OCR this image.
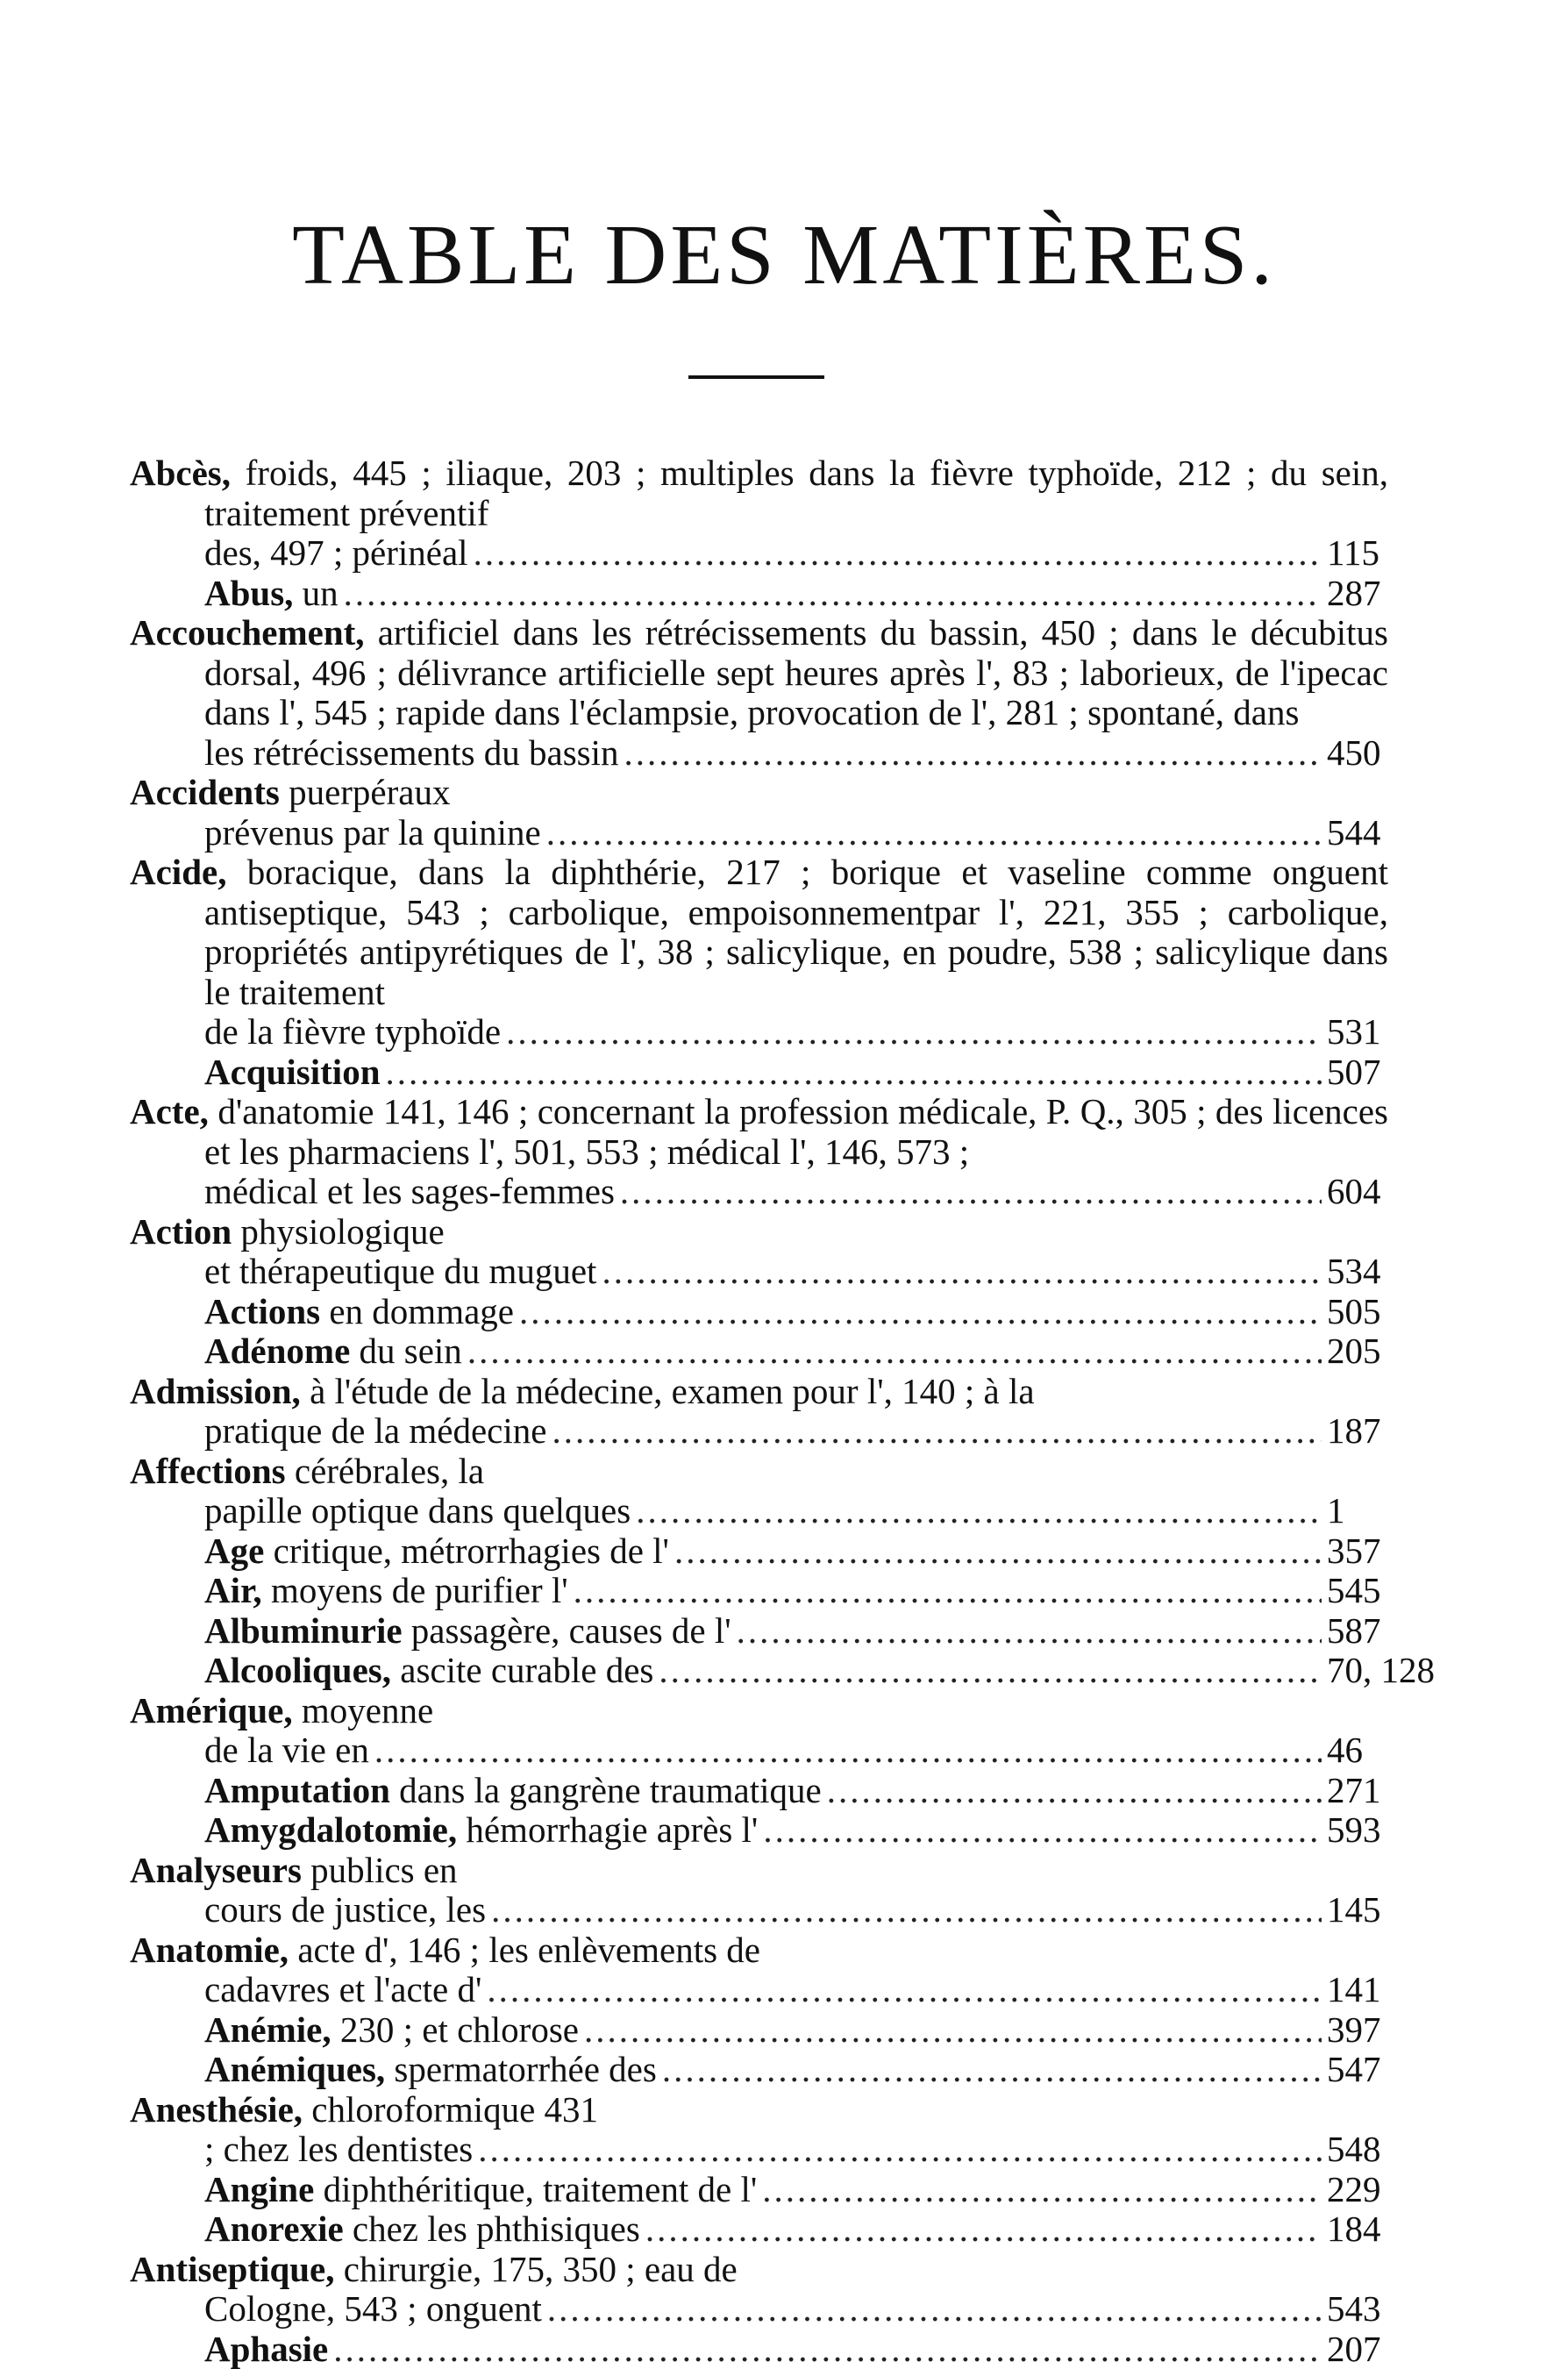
TABLE DES MATIÈRES.
Abcès, froids, 445 ; iliaque, 203 ; multiples dans la fièvre typhoïde, 212 ; du sein, traitement préventif
des, 497 ; périnéal .....	115
Abus, un .....	287
Accouchement, artificiel dans les rétrécissements du bassin, 450 ; dans le décubitus dorsal, 496 ; délivrance artificielle sept heures après l', 83 ; laborieux, de l'ipecac dans l', 545 ; rapide dans l'éclampsie, provocation de l', 281 ; spontané, dans
les rétrécissements du bassin .....	450
Accidents puerpéraux
prévenus par la quinine .....	544
Acide, boracique, dans la diphthérie, 217 ; borique et vaseline comme onguent antiseptique, 543 ; carbolique, empoisonnementpar l', 221, 355 ; carbolique, propriétés antipyrétiques de l', 38 ; salicylique, en poudre, 538 ; salicylique dans le traitement
de la fièvre typhoïde .....	531
Acquisition .....	507
Acte, d'anatomie 141, 146 ; concernant la profession médicale, P. Q., 305 ; des licences et les pharmaciens l', 501, 553 ; médical l', 146, 573 ;
médical et les sages-femmes .....	604
Action physiologique
et thérapeutique du muguet .....	534
Actions en dommage .....	505
Adénome du sein .....	205
Admission, à l'étude de la médecine, examen pour l', 140 ; à la
pratique de la médecine .....	187
Affections cérébrales, la
papille optique dans quelques .....	1
Age critique, métrorrhagies de l' .....	357
Air, moyens de purifier l' .....	545
Albuminurie passagère, causes de l' .....	587
Alcooliques, ascite curable des .....	70, 128
Amérique, moyenne
de la vie en .....	46
Amputation dans la gangrène traumatique .....	271
Amygdalotomie, hémorrhagie après l' .....	593
Analyseurs publics en
cours de justice, les .....	145
Anatomie, acte d', 146 ; les enlèvements de
cadavres et l'acte d' .....	141
Anémie, 230 ; et chlorose .....	397
Anémiques, spermatorrhée des .....	547
Anesthésie, chloroformique 431
; chez les dentistes .....	548
Angine diphthéritique, traitement de l' .....	229
Anorexie chez les phthisiques .....	184
Antiseptique, chirurgie, 175, 350 ; eau de
Cologne, 543 ; onguent .....	543
Aphasie .....	207
